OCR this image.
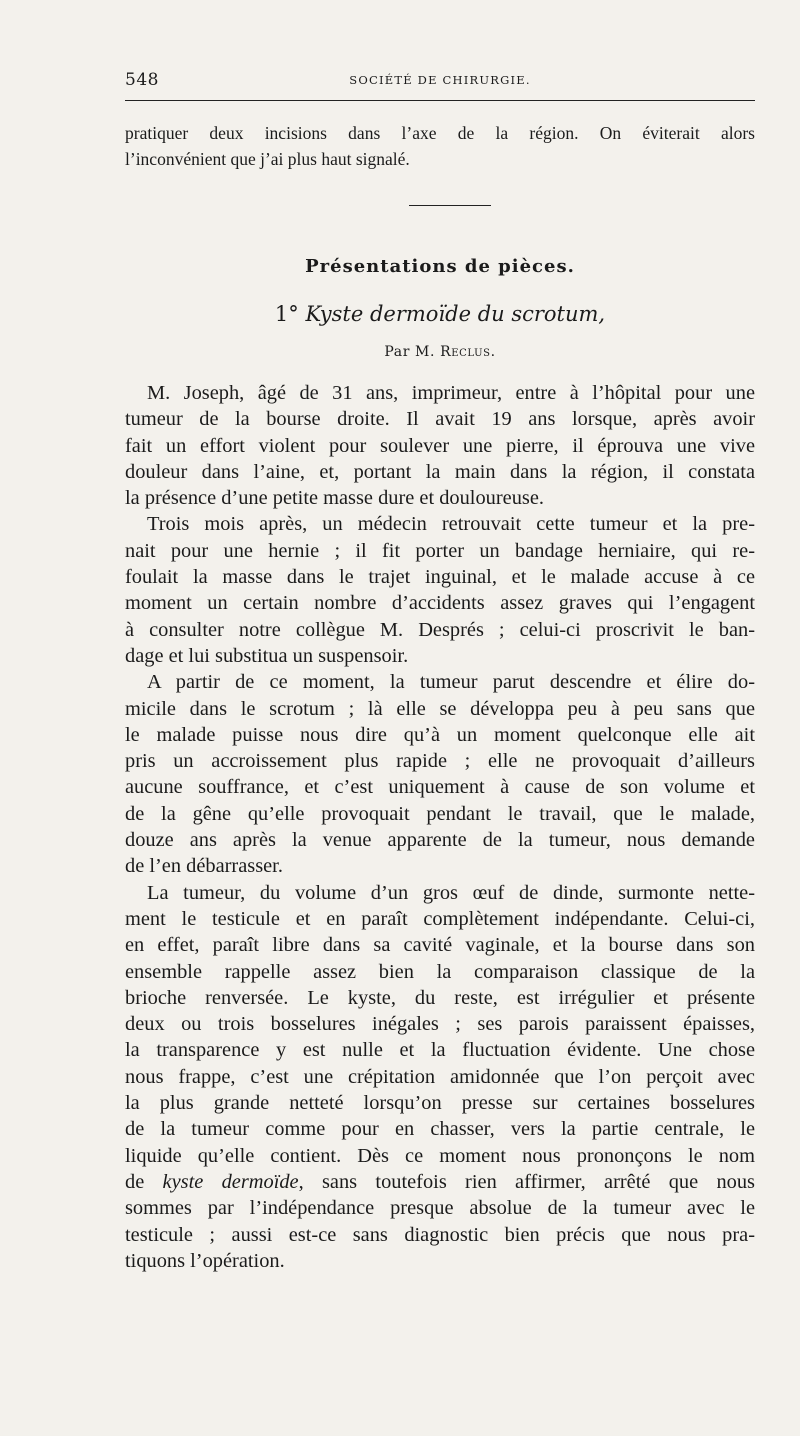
548	SOCIÉTÉ DE CHIRURGIE.
pratiquer deux incisions dans l’axe de la région. On éviterait alors
l’inconvénient que j’ai plus haut signalé.
Présentations de pièces.
1° Kyste dermoïde du scrotum,
Par M. Reclus.
M. Joseph, âgé de 31 ans, imprimeur, entre à l’hôpital pour une
tumeur de la bourse droite. Il avait 19 ans lorsque, après avoir
fait un effort violent pour soulever une pierre, il éprouva une vive
douleur dans l’aine, et, portant la main dans la région, il constata
la présence d’une petite masse dure et douloureuse.
Trois mois après, un médecin retrouvait cette tumeur et la pre-
nait pour une hernie ; il fit porter un bandage herniaire, qui re-
foulait la masse dans le trajet inguinal, et le malade accuse à ce
moment un certain nombre d’accidents assez graves qui l’engagent
à consulter notre collègue M. Després ; celui-ci proscrivit le ban-
dage et lui substitua un suspensoir.
A partir de ce moment, la tumeur parut descendre et élire do-
micile dans le scrotum ; là elle se développa peu à peu sans que
le malade puisse nous dire qu’à un moment quelconque elle ait
pris un accroissement plus rapide ; elle ne provoquait d’ailleurs
aucune souffrance, et c’est uniquement à cause de son volume et
de la gêne qu’elle provoquait pendant le travail, que le malade,
douze ans après la venue apparente de la tumeur, nous demande
de l’en débarrasser.
La tumeur, du volume d’un gros œuf de dinde, surmonte nette-
ment le testicule et en paraît complètement indépendante. Celui-ci,
en effet, paraît libre dans sa cavité vaginale, et la bourse dans son
ensemble rappelle assez bien la comparaison classique de la
brioche renversée. Le kyste, du reste, est irrégulier et présente
deux ou trois bosselures inégales ; ses parois paraissent épaisses,
la transparence y est nulle et la fluctuation évidente. Une chose
nous frappe, c’est une crépitation amidonnée que l’on perçoit avec
la plus grande netteté lorsqu’on presse sur certaines bosselures
de la tumeur comme pour en chasser, vers la partie centrale, le
liquide qu’elle contient. Dès ce moment nous prononçons le nom
de kyste dermoïde, sans toutefois rien affirmer, arrêté que nous
sommes par l’indépendance presque absolue de la tumeur avec le
testicule ; aussi est-ce sans diagnostic bien précis que nous pra-
tiquons l’opération.
